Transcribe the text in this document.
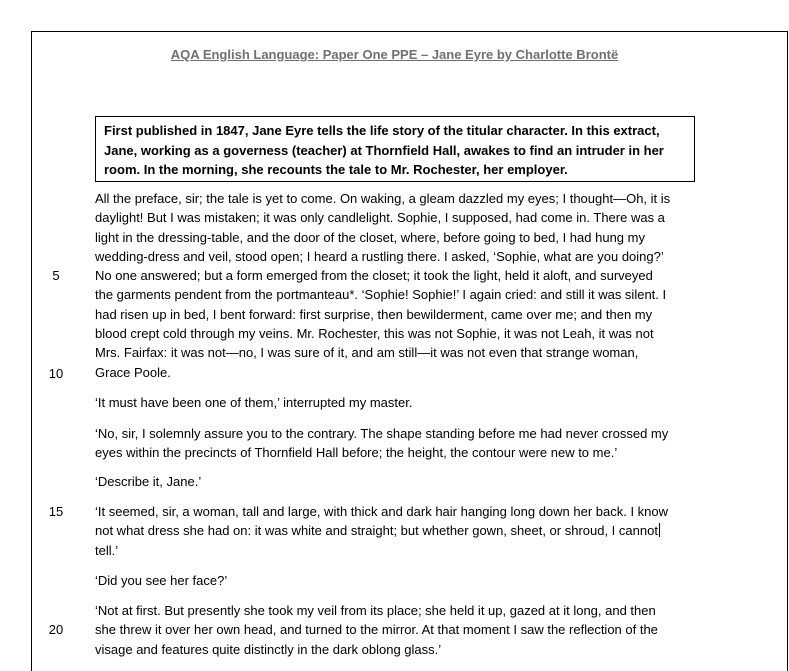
AQA English Language: Paper One PPE – Jane Eyre by Charlotte Brontë
First published in 1847, Jane Eyre tells the life story of the titular character. In this extract,
Jane, working as a governess (teacher) at Thornfield Hall, awakes to find an intruder in her
room. In the morning, she recounts the tale to Mr. Rochester, her employer.
All the preface, sir; the tale is yet to come. On waking, a gleam dazzled my eyes; I thought—Oh, it is
daylight! But I was mistaken; it was only candlelight. Sophie, I supposed, had come in. There was a
light in the dressing-table, and the door of the closet, where, before going to bed, I had hung my
wedding-dress and veil, stood open; I heard a rustling there. I asked, ‘Sophie, what are you doing?’
No one answered; but a form emerged from the closet; it took the light, held it aloft, and surveyed
the garments pendent from the portmanteau*. ‘Sophie! Sophie!’ I again cried: and still it was silent. I
had risen up in bed, I bent forward: first surprise, then bewilderment, came over me; and then my
blood crept cold through my veins. Mr. Rochester, this was not Sophie, it was not Leah, it was not
Mrs. Fairfax: it was not—no, I was sure of it, and am still—it was not even that strange woman,
Grace Poole.
‘It must have been one of them,’ interrupted my master.
‘No, sir, I solemnly assure you to the contrary. The shape standing before me had never crossed my
eyes within the precincts of Thornfield Hall before; the height, the contour were new to me.’
‘Describe it, Jane.’
‘It seemed, sir, a woman, tall and large, with thick and dark hair hanging long down her back. I know
not what dress she had on: it was white and straight; but whether gown, sheet, or shroud, I cannot
tell.’
‘Did you see her face?’
‘Not at first. But presently she took my veil from its place; she held it up, gazed at it long, and then
she threw it over her own head, and turned to the mirror. At that moment I saw the reflection of the
visage and features quite distinctly in the dark oblong glass.’
5
10
15
20
